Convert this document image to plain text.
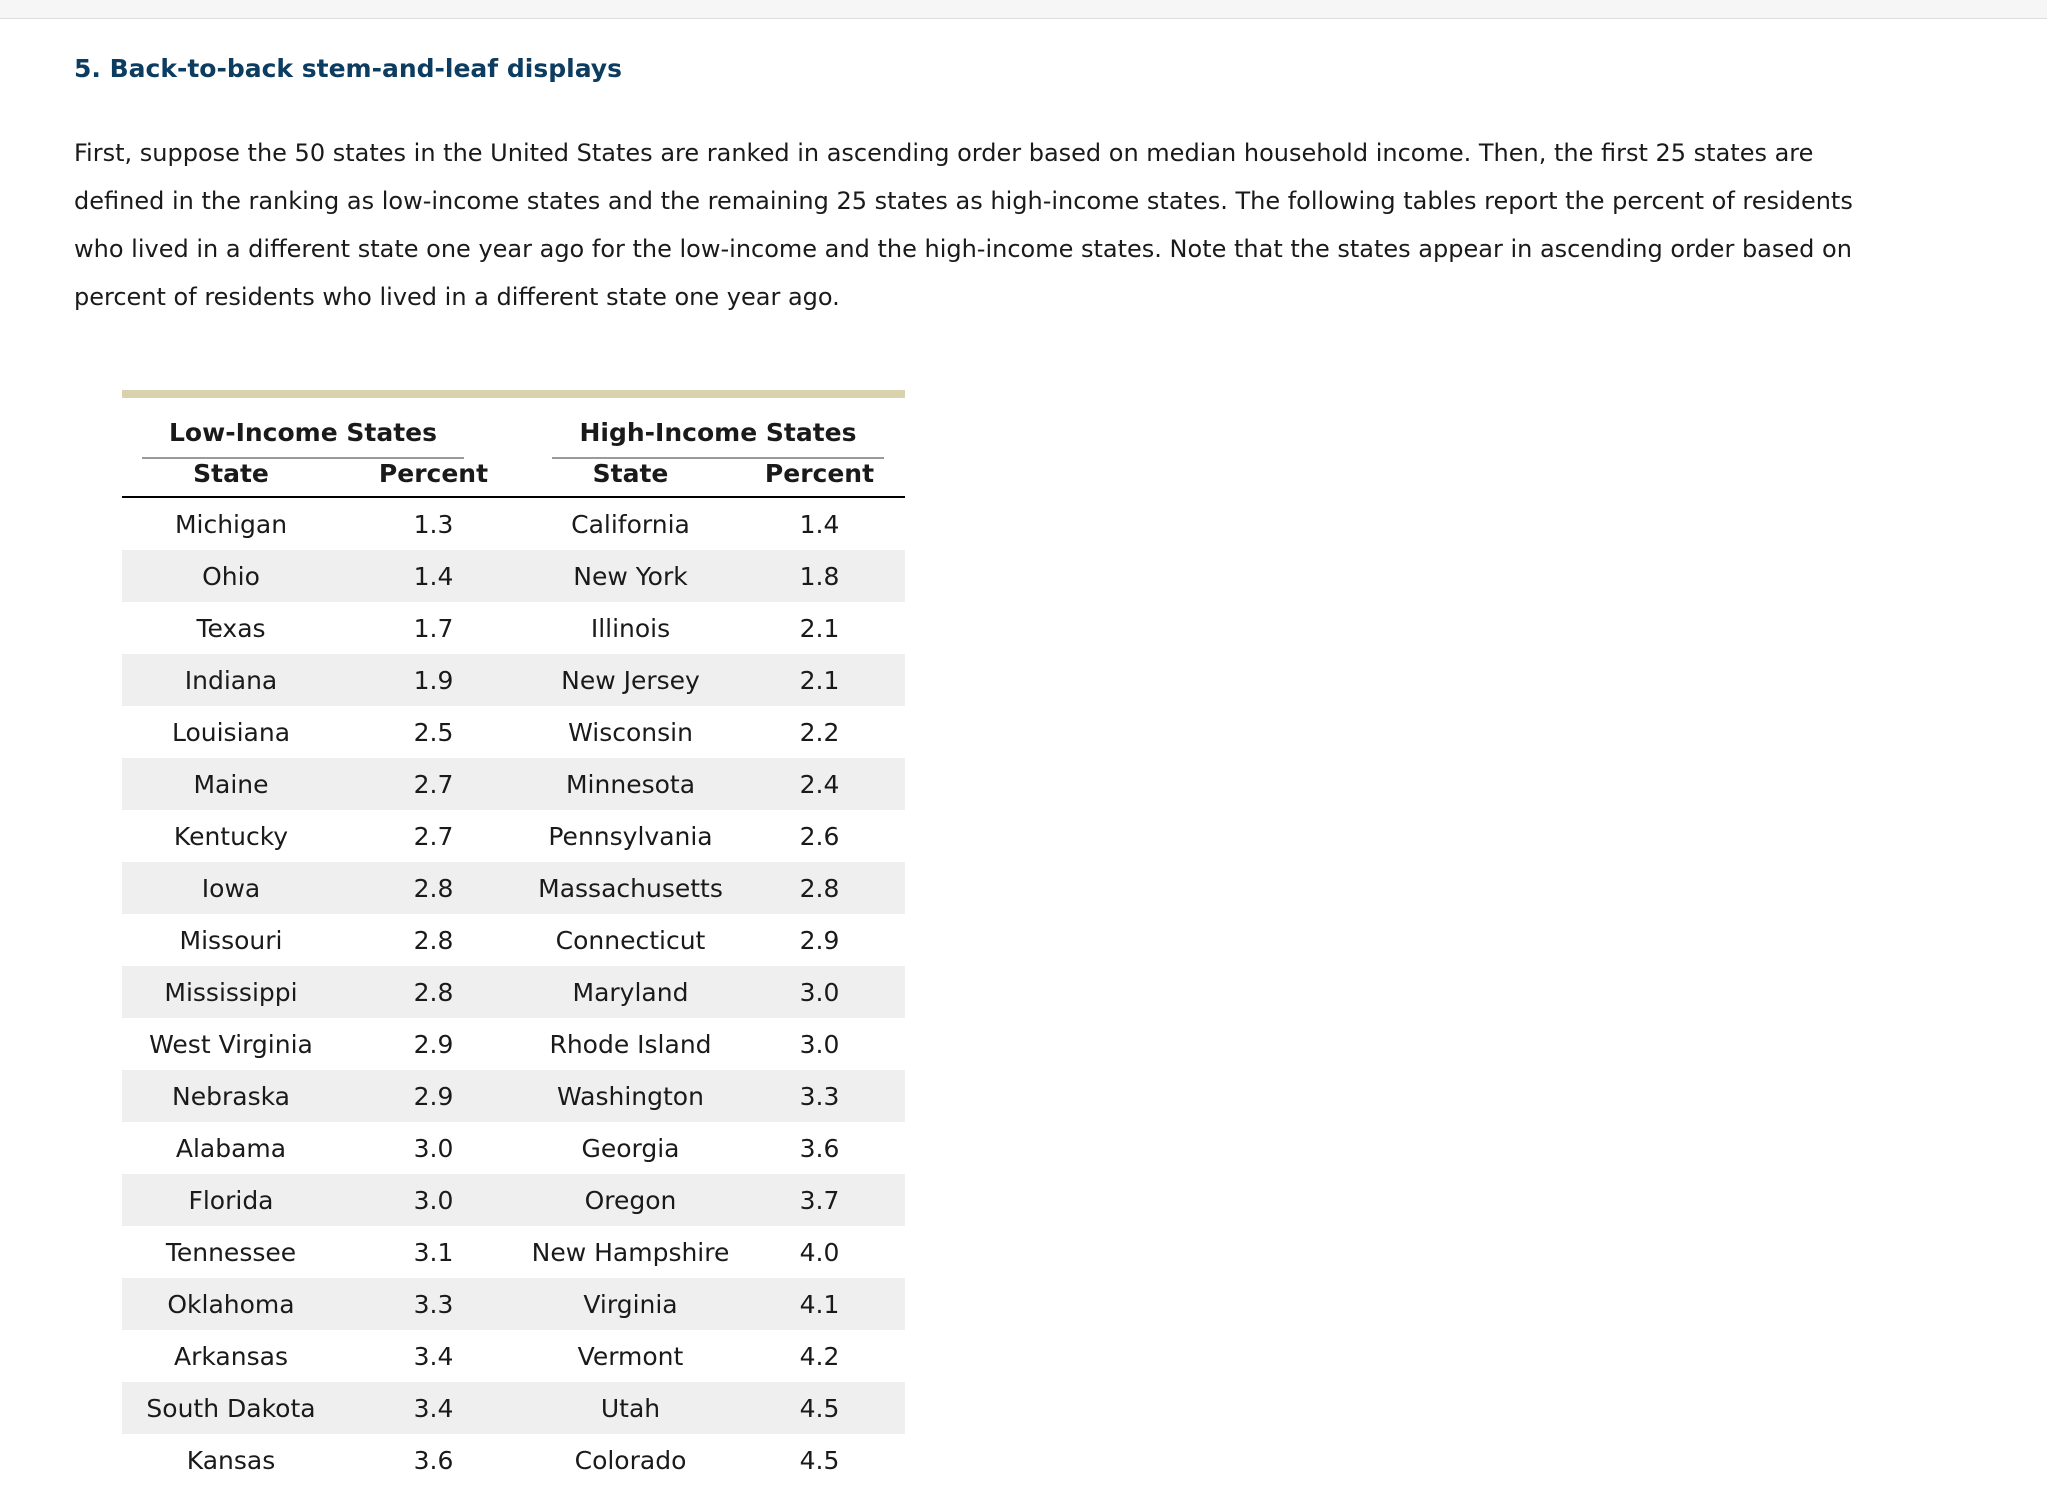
5. Back-to-back stem-and-leaf displays

First, suppose the 50 states in the United States are ranked in ascending order based on median household income. Then, the first 25 states are defined in the ranking as low-income states and the remaining 25 states as high-income states. The following tables report the percent of residents who lived in a different state one year ago for the low-income and the high-income states. Note that the states appear in ascending order based on percent of residents who lived in a different state one year ago.

Low-Income States	High-Income States
State	Percent	State	Percent
Michigan	1.3	California	1.4
Ohio	1.4	New York	1.8
Texas	1.7	Illinois	2.1
Indiana	1.9	New Jersey	2.1
Louisiana	2.5	Wisconsin	2.2
Maine	2.7	Minnesota	2.4
Kentucky	2.7	Pennsylvania	2.6
Iowa	2.8	Massachusetts	2.8
Missouri	2.8	Connecticut	2.9
Mississippi	2.8	Maryland	3.0
West Virginia	2.9	Rhode Island	3.0
Nebraska	2.9	Washington	3.3
Alabama	3.0	Georgia	3.6
Florida	3.0	Oregon	3.7
Tennessee	3.1	New Hampshire	4.0
Oklahoma	3.3	Virginia	4.1
Arkansas	3.4	Vermont	4.2
South Dakota	3.4	Utah	4.5
Kansas	3.6	Colorado	4.5
